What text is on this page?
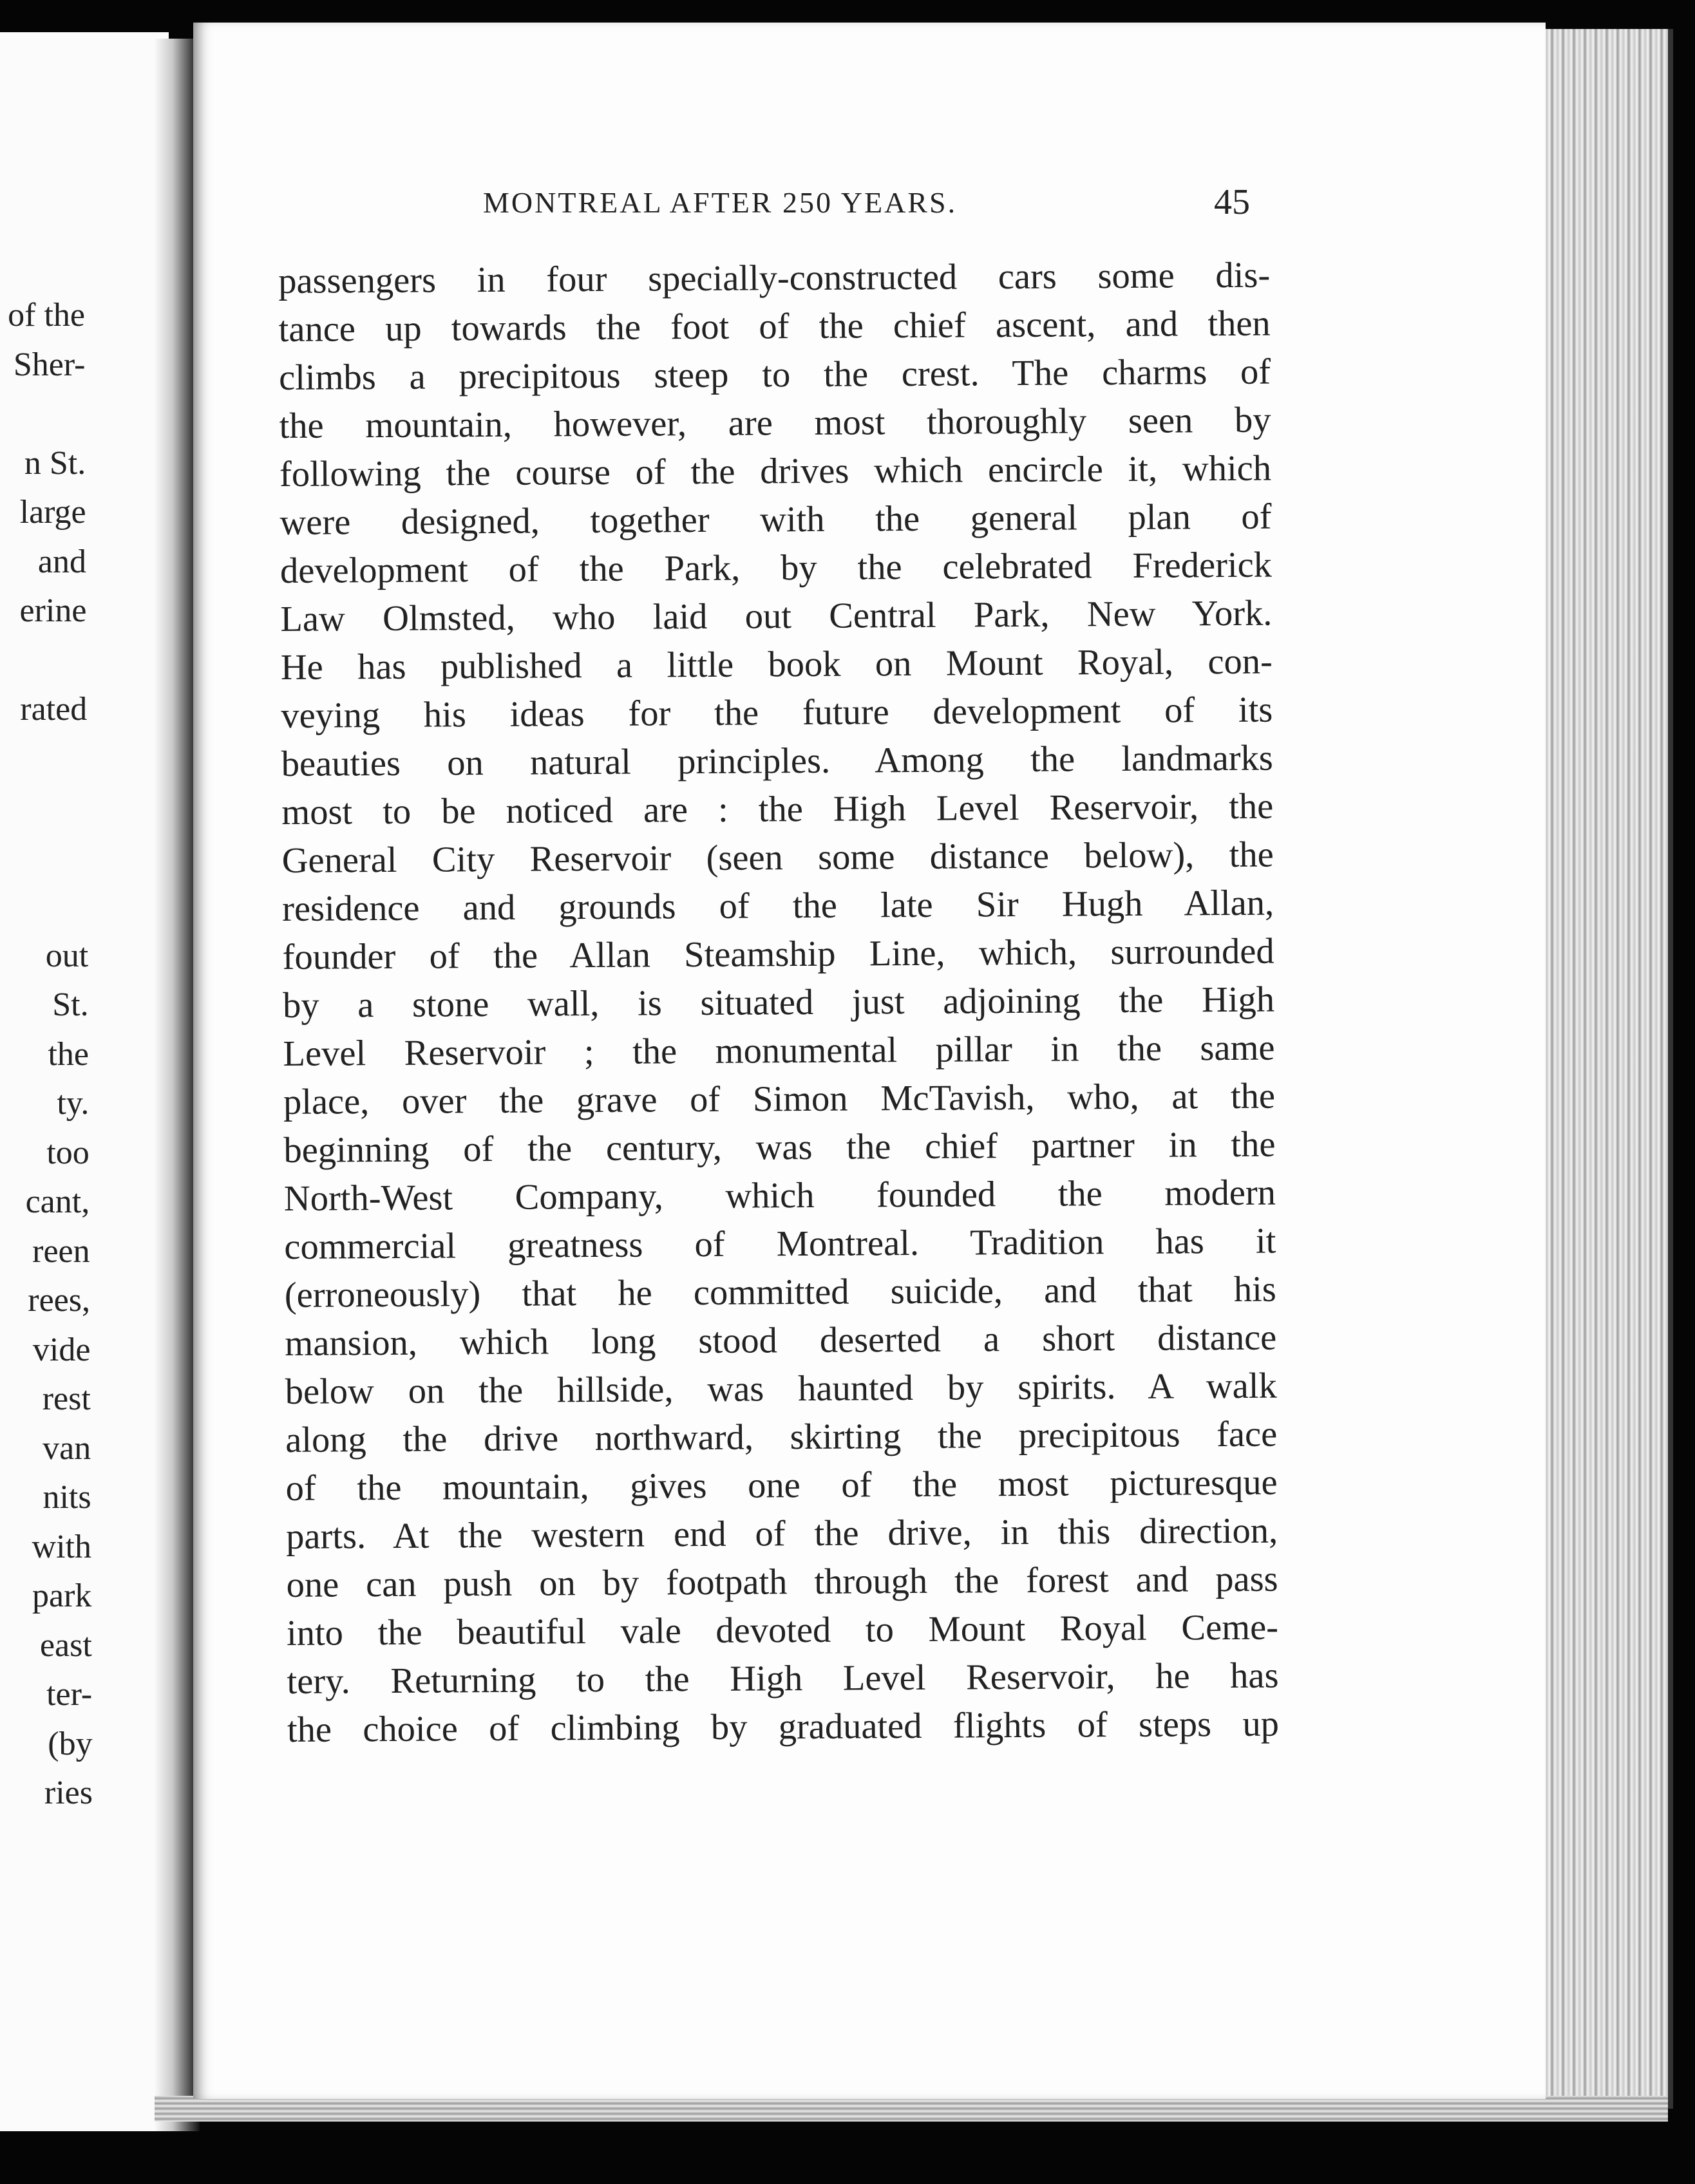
of the
Sher-
n St.
large
and
erine
rated
out
St.
the
ty.
too
cant,
reen
rees,
vide
rest
van
nits
with
park
east
ter-
(by
ries
MONTREAL AFTER 250 YEARS.	45
passengers in four specially-constructed cars some dis-
tance up towards the foot of the chief ascent, and then
climbs a precipitous steep to the crest. The charms of
the mountain, however, are most thoroughly seen by
following the course of the drives which encircle it, which
were designed, together with the general plan of
development of the Park, by the celebrated Frederick
Law Olmsted, who laid out Central Park, New York.
He has published a little book on Mount Royal, con-
veying his ideas for the future development of its
beauties on natural principles. Among the landmarks
most to be noticed are : the High Level Reservoir, the
General City Reservoir (seen some distance below), the
residence and grounds of the late Sir Hugh Allan,
founder of the Allan Steamship Line, which, surrounded
by a stone wall, is situated just adjoining the High
Level Reservoir ; the monumental pillar in the same
place, over the grave of Simon McTavish, who, at the
beginning of the century, was the chief partner in the
North-West Company, which founded the modern
commercial greatness of Montreal. Tradition has it
(erroneously) that he committed suicide, and that his
mansion, which long stood deserted a short distance
below on the hillside, was haunted by spirits. A walk
along the drive northward, skirting the precipitous face
of the mountain, gives one of the most picturesque
parts. At the western end of the drive, in this direction,
one can push on by footpath through the forest and pass
into the beautiful vale devoted to Mount Royal Ceme-
tery. Returning to the High Level Reservoir, he has
the choice of climbing by graduated flights of steps up
